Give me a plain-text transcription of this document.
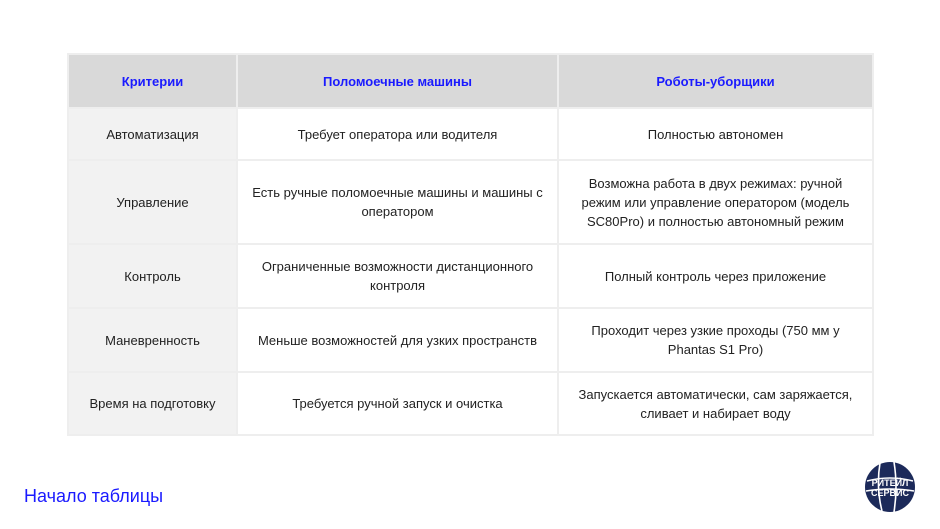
Критерии	Поломоечные машины	Роботы-уборщики
Автоматизация	Требует оператора или водителя	Полностью автономен
Управление	Есть ручные поломоечные машины и машины с оператором	Возможна работа в двух режимах: ручной режим или управление оператором (модель SC80Pro) и полностью автономный режим
Контроль	Ограниченные возможности дистанционного контроля	Полный контроль через приложение
Маневренность	Меньше возможностей для узких пространств	Проходит через узкие проходы (750 мм у Phantas S1 Pro)
Время на подготовку	Требуется ручной запуск и очистка	Запускается автоматически, сам заряжается, сливает и набирает воду
Начало таблицы
РИТЕЙЛ
СЕРВИС
